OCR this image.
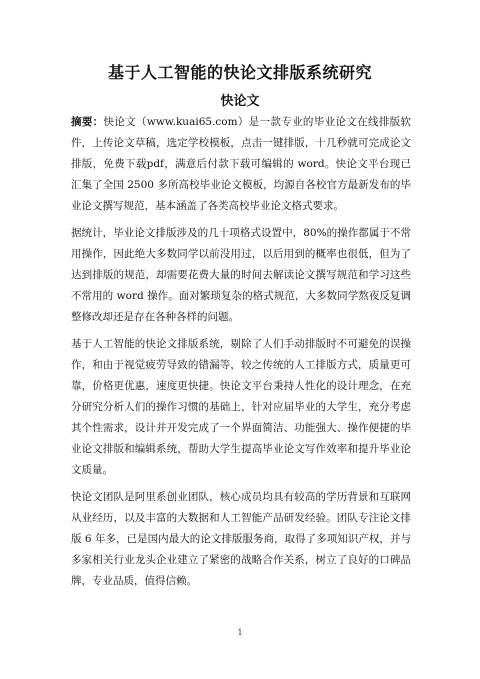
基于人工智能的快论文排版系统研究
快论文

摘要：快论文（www.kuai65.com）是一款专业的毕业论文在线排版软件，上传论文草稿，选定学校模板，点击一键排版，十几秒就可完成论文排版，免费下载pdf，满意后付款下载可编辑的 word。快论文平台现已汇集了全国 2500 多所高校毕业论文模板，均源自各校官方最新发布的毕业论文撰写规范，基本涵盖了各类高校毕业论文格式要求。

据统计，毕业论文排版涉及的几十项格式设置中，80%的操作都属于不常用操作，因此绝大多数同学以前没用过，以后用到的概率也很低，但为了达到排版的规范，却需要花费大量的时间去解读论文撰写规范和学习这些不常用的 word 操作。面对繁琐复杂的格式规范，大多数同学熬夜反复调整修改却还是存在各种各样的问题。

基于人工智能的快论文排版系统，剔除了人们手动排版时不可避免的误操作，和由于视觉疲劳导致的错漏等，较之传统的人工排版方式，质量更可靠，价格更优惠，速度更快捷。快论文平台秉持人性化的设计理念，在充分研究分析人们的操作习惯的基础上，针对应届毕业的大学生，充分考虑其个性需求，设计并开发完成了一个界面简洁、功能强大、操作便捷的毕业论文排版和编辑系统，帮助大学生提高毕业论文写作效率和提升毕业论文质量。

快论文团队是阿里系创业团队，核心成员均具有较高的学历背景和互联网从业经历，以及丰富的大数据和人工智能产品研发经验。团队专注论文排版 6 年多，已是国内最大的论文排版服务商，取得了多项知识产权，并与多家相关行业龙头企业建立了紧密的战略合作关系，树立了良好的口碑品牌，专业品质，值得信赖。

1
